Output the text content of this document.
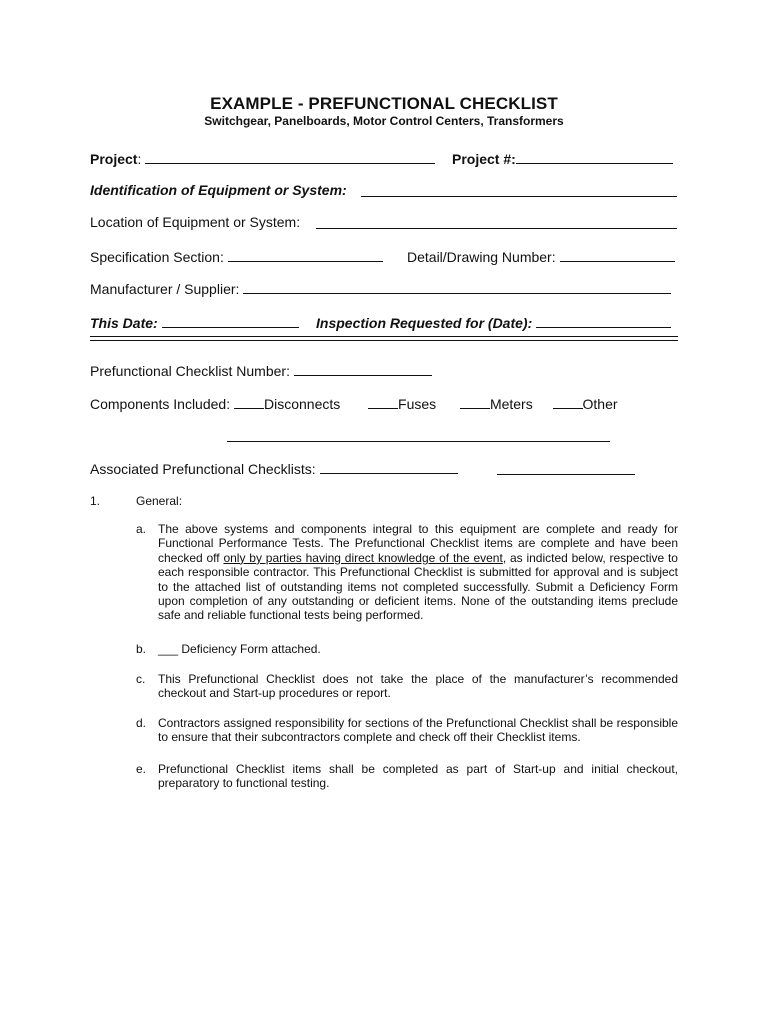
EXAMPLE - PREFUNCTIONAL CHECKLIST
Switchgear, Panelboards, Motor Control Centers, Transformers
Project:	Project #:
Identification of Equipment or System:
Location of Equipment or System:
Specification Section:	Detail/Drawing Number:
Manufacturer / Supplier:
This Date:	Inspection Requested for (Date):
Prefunctional Checklist Number:
Components Included: Disconnects	Fuses	Meters	Other
Associated Prefunctional Checklists:
1.	General:
a. The above systems and components integral to this equipment are complete and ready for Functional Performance Tests. The Prefunctional Checklist items are complete and have been checked off only by parties having direct knowledge of the event, as indicted below, respective to each responsible contractor. This Prefunctional Checklist is submitted for approval and is subject to the attached list of outstanding items not completed successfully. Submit a Deficiency Form upon completion of any outstanding or deficient items. None of the outstanding items preclude safe and reliable functional tests being performed.
b. ___ Deficiency Form attached.
c. This Prefunctional Checklist does not take the place of the manufacturer’s recommended checkout and Start-up procedures or report.
d. Contractors assigned responsibility for sections of the Prefunctional Checklist shall be responsible to ensure that their subcontractors complete and check off their Checklist items.
e. Prefunctional Checklist items shall be completed as part of Start-up and initial checkout, preparatory to functional testing.
